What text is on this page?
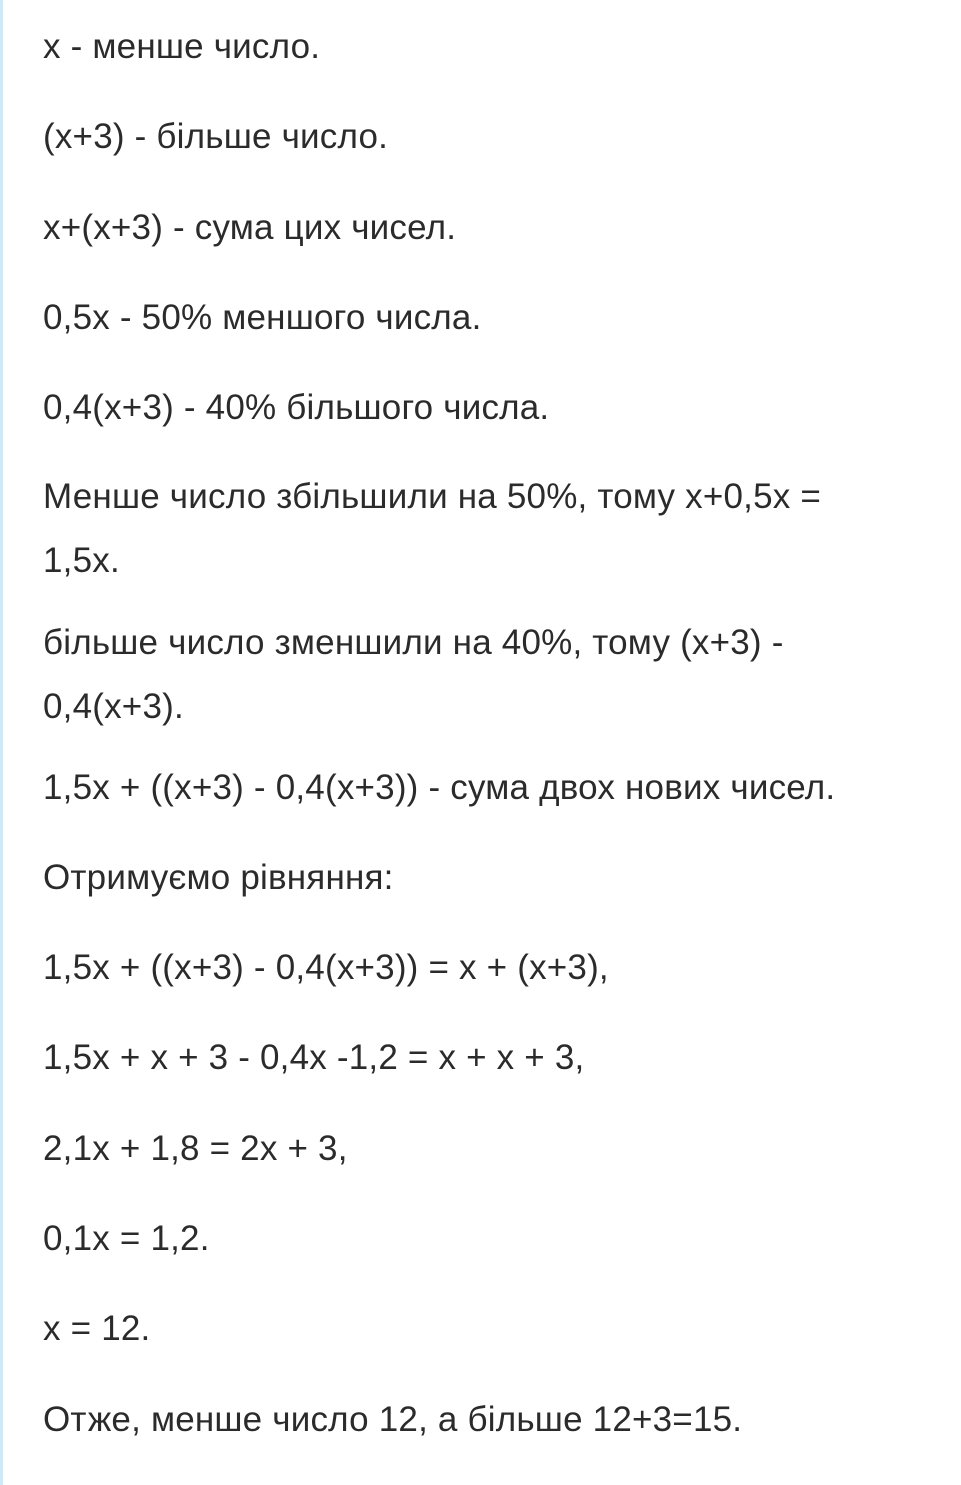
x - менше число.
(x+3) - більше число.
x+(x+3) - сума цих чисел.
0,5x - 50% меншого числа.
0,4(x+3) - 40% більшого числа.
Менше число збільшили на 50%, тому x+0,5x =
1,5x.
більше число зменшили на 40%, тому (x+3) -
0,4(x+3).
1,5x + ((x+3) - 0,4(x+3)) - сума двох нових чисел.
Отримуємо рівняння:
1,5x + ((x+3) - 0,4(x+3)) = x + (x+3),
1,5x + x + 3 - 0,4x -1,2 = x + x + 3,
2,1x + 1,8 = 2x + 3,
0,1x = 1,2.
x = 12.
Отже, менше число 12, а більше 12+3=15.
